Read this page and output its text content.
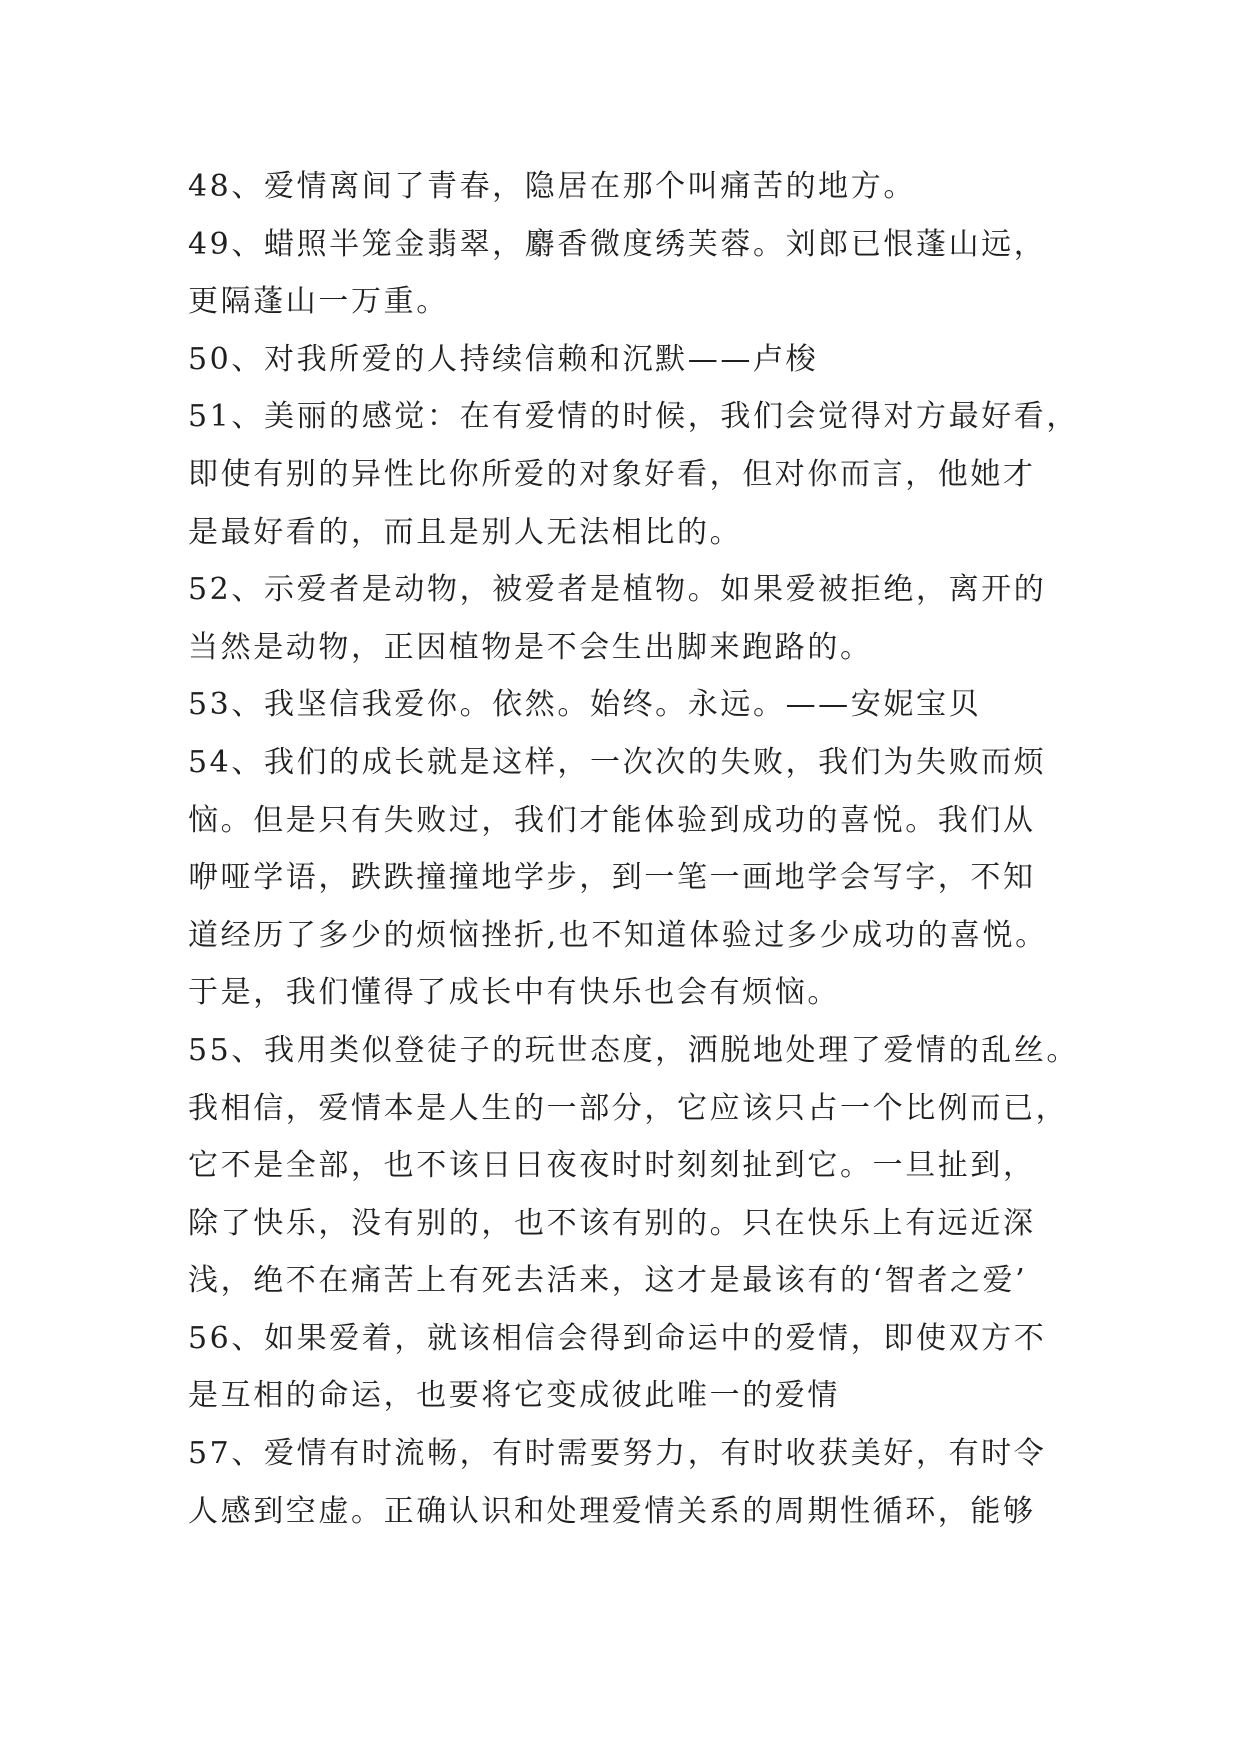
48、爱情离间了青春，隐居在那个叫痛苦的地方。
49、蜡照半笼金翡翠，麝香微度绣芙蓉。刘郎已恨蓬山远，
更隔蓬山一万重。
50、对我所爱的人持续信赖和沉默——卢梭
51、美丽的感觉：在有爱情的时候，我们会觉得对方最好看，
即使有别的异性比你所爱的对象好看，但对你而言，他她才
是最好看的，而且是别人无法相比的。
52、示爱者是动物，被爱者是植物。如果爱被拒绝，离开的
当然是动物，正因植物是不会生出脚来跑路的。
53、我坚信我爱你。依然。始终。永远。——安妮宝贝
54、我们的成长就是这样，一次次的失败，我们为失败而烦
恼。但是只有失败过，我们才能体验到成功的喜悦。我们从
咿哑学语，跌跌撞撞地学步，到一笔一画地学会写字，不知
道经历了多少的烦恼挫折,也不知道体验过多少成功的喜悦。
于是，我们懂得了成长中有快乐也会有烦恼。
55、我用类似登徒子的玩世态度，洒脱地处理了爱情的乱丝。
我相信，爱情本是人生的一部分，它应该只占一个比例而已，
它不是全部，也不该日日夜夜时时刻刻扯到它。一旦扯到，
除了快乐，没有别的，也不该有别的。只在快乐上有远近深
浅，绝不在痛苦上有死去活来，这才是最该有的‘智者之爱’
56、如果爱着，就该相信会得到命运中的爱情，即使双方不
是互相的命运，也要将它变成彼此唯一的爱情
57、爱情有时流畅，有时需要努力，有时收获美好，有时令
人感到空虚。正确认识和处理爱情关系的周期性循环，能够
